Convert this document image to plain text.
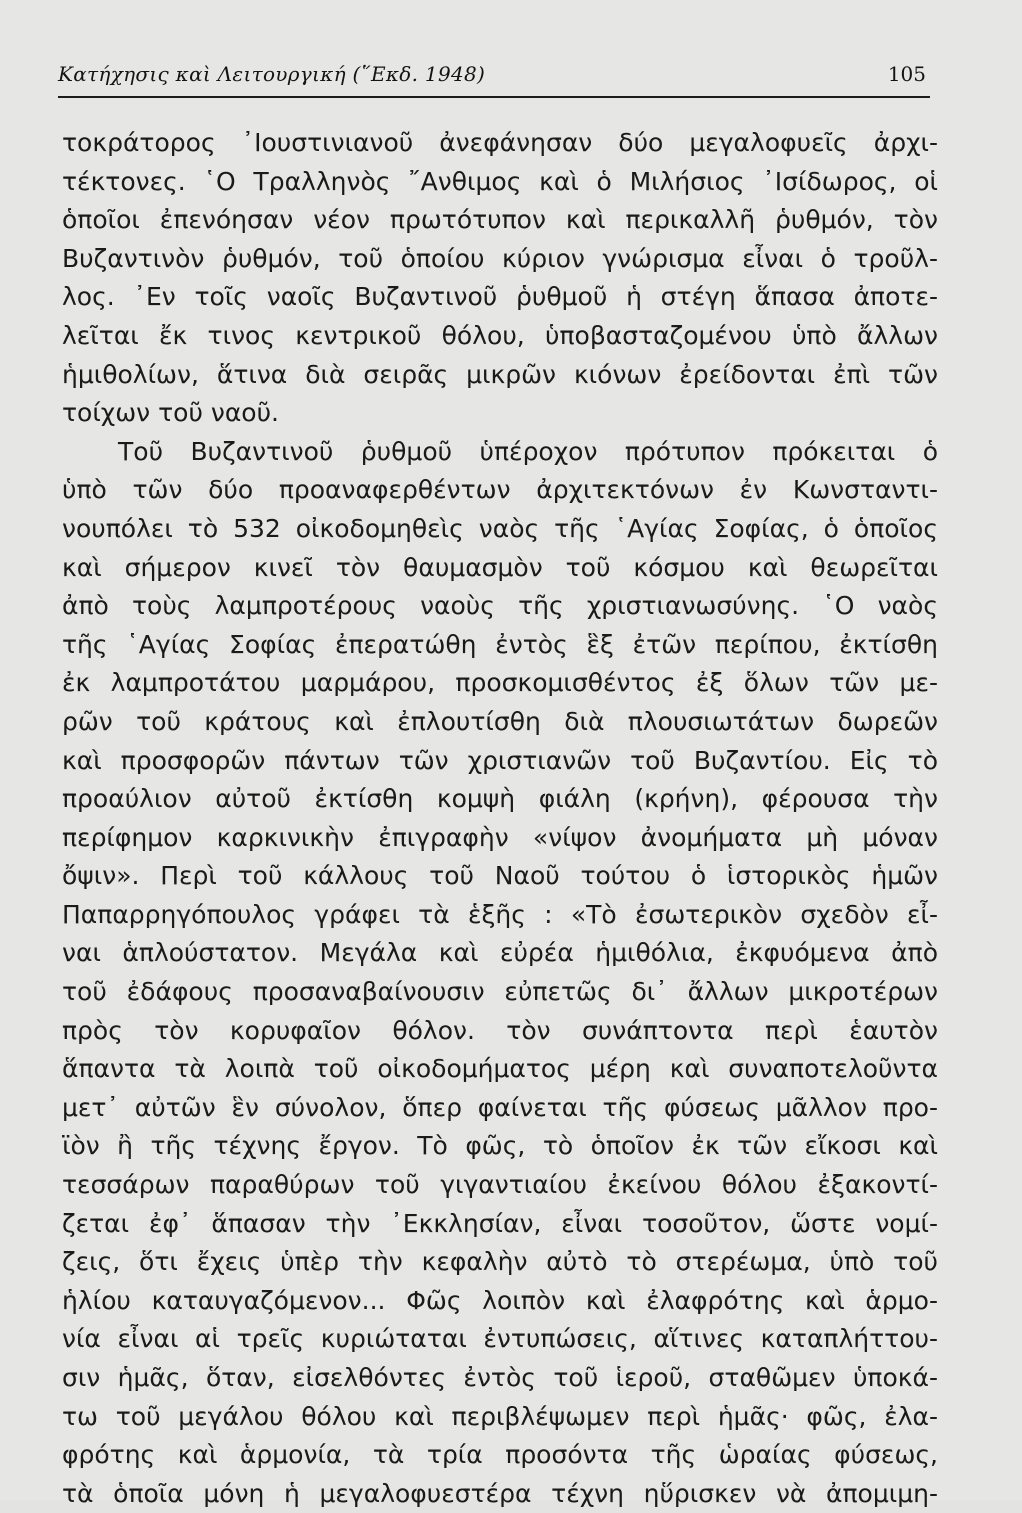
Κατήχησις καὶ Λειτουργική (῞Εκδ. 1948)	105
τοκράτορος ᾽Ιουστινιανοῦ ἀνεφάνησαν δύο μεγαλοφυεῖς ἀρχι-
τέκτονες. ῾Ο Τραλληνὸς ῎Ανθιμος καὶ ὁ Μιλήσιος ᾽Ισίδωρος, οἱ
ὁποῖοι ἐπενόησαν νέον πρωτότυπον καὶ περικαλλῆ ῥυθμόν, τὸν
Βυζαντινὸν ῥυθμόν, τοῦ ὁποίου κύριον γνώρισμα εἶναι ὁ τροῦλ-
λος. ᾽Εν τοῖς ναοῖς Βυζαντινοῦ ῥυθμοῦ ἡ στέγη ἅπασα ἀποτε-
λεῖται ἔκ τινος κεντρικοῦ θόλου, ὑποβασταζομένου ὑπὸ ἄλλων
ἡμιθολίων, ἅτινα διὰ σειρᾶς μικρῶν κιόνων ἐρείδονται ἐπὶ τῶν
τοίχων τοῦ ναοῦ.
Τοῦ Βυζαντινοῦ ῥυθμοῦ ὑπέροχον πρότυπον πρόκειται ὁ
ὑπὸ τῶν δύο προαναφερθέντων ἀρχιτεκτόνων ἐν Κωνσταντι-
νουπόλει τὸ 532 οἰκοδομηθεὶς ναὸς τῆς ῾Αγίας Σοφίας, ὁ ὁποῖος
καὶ σήμερον κινεῖ τὸν θαυμασμὸν τοῦ κόσμου καὶ θεωρεῖται
ἀπὸ τοὺς λαμπροτέρους ναοὺς τῆς χριστιανωσύνης. ῾Ο ναὸς
τῆς ῾Αγίας Σοφίας ἐπερατώθη ἐντὸς ἓξ ἐτῶν περίπου, ἐκτίσθη
ἐκ λαμπροτάτου μαρμάρου, προσκομισθέντος ἐξ ὅλων τῶν με-
ρῶν τοῦ κράτους καὶ ἐπλουτίσθη διὰ πλουσιωτάτων δωρεῶν
καὶ προσφορῶν πάντων τῶν χριστιανῶν τοῦ Βυζαντίου. Εἰς τὸ
προαύλιον αὐτοῦ ἐκτίσθη κομψὴ φιάλη (κρήνη), φέρουσα τὴν
περίφημον καρκινικὴν ἐπιγραφὴν «νίψον ἀνομήματα μὴ μόναν
ὄψιν». Περὶ τοῦ κάλλους τοῦ Ναοῦ τούτου ὁ ἱστορικὸς ἡμῶν
Παπαρρηγόπουλος γράφει τὰ ἑξῆς : «Τὸ ἐσωτερικὸν σχεδὸν εἶ-
ναι ἁπλούστατον. Μεγάλα καὶ εὐρέα ἡμιθόλια, ἐκφυόμενα ἀπὸ
τοῦ ἐδάφους προσαναβαίνουσιν εὐπετῶς δι᾽ ἄλλων μικροτέρων
πρὸς τὸν κορυφαῖον θόλον. τὸν συνάπτοντα περὶ ἑαυτὸν
ἅπαντα τὰ λοιπὰ τοῦ οἰκοδομήματος μέρη καὶ συναποτελοῦντα
μετ᾽ αὐτῶν ἓν σύνολον, ὅπερ φαίνεται τῆς φύσεως μᾶλλον προ-
ϊὸν ἢ τῆς τέχνης ἔργον. Τὸ φῶς, τὸ ὁποῖον ἐκ τῶν εἴκοσι καὶ
τεσσάρων παραθύρων τοῦ γιγαντιαίου ἐκείνου θόλου ἐξακοντί-
ζεται ἐφ᾽ ἅπασαν τὴν ᾽Εκκλησίαν, εἶναι τοσοῦτον, ὥστε νομί-
ζεις, ὅτι ἔχεις ὑπὲρ τὴν κεφαλὴν αὐτὸ τὸ στερέωμα, ὑπὸ τοῦ
ἡλίου καταυγαζόμενον... Φῶς λοιπὸν καὶ ἐλαφρότης καὶ ἁρμο-
νία εἶναι αἱ τρεῖς κυριώταται ἐντυπώσεις, αἵτινες καταπλήττου-
σιν ἡμᾶς, ὅταν, εἰσελθόντες ἐντὸς τοῦ ἱεροῦ, σταθῶμεν ὑποκά-
τω τοῦ μεγάλου θόλου καὶ περιβλέψωμεν περὶ ἡμᾶς· φῶς, ἐλα-
φρότης καὶ ἁρμονία, τὰ τρία προσόντα τῆς ὡραίας φύσεως,
τὰ ὁποῖα μόνη ἡ μεγαλοφυεστέρα τέχνη ηὕρισκεν νὰ ἀπομιμη-
